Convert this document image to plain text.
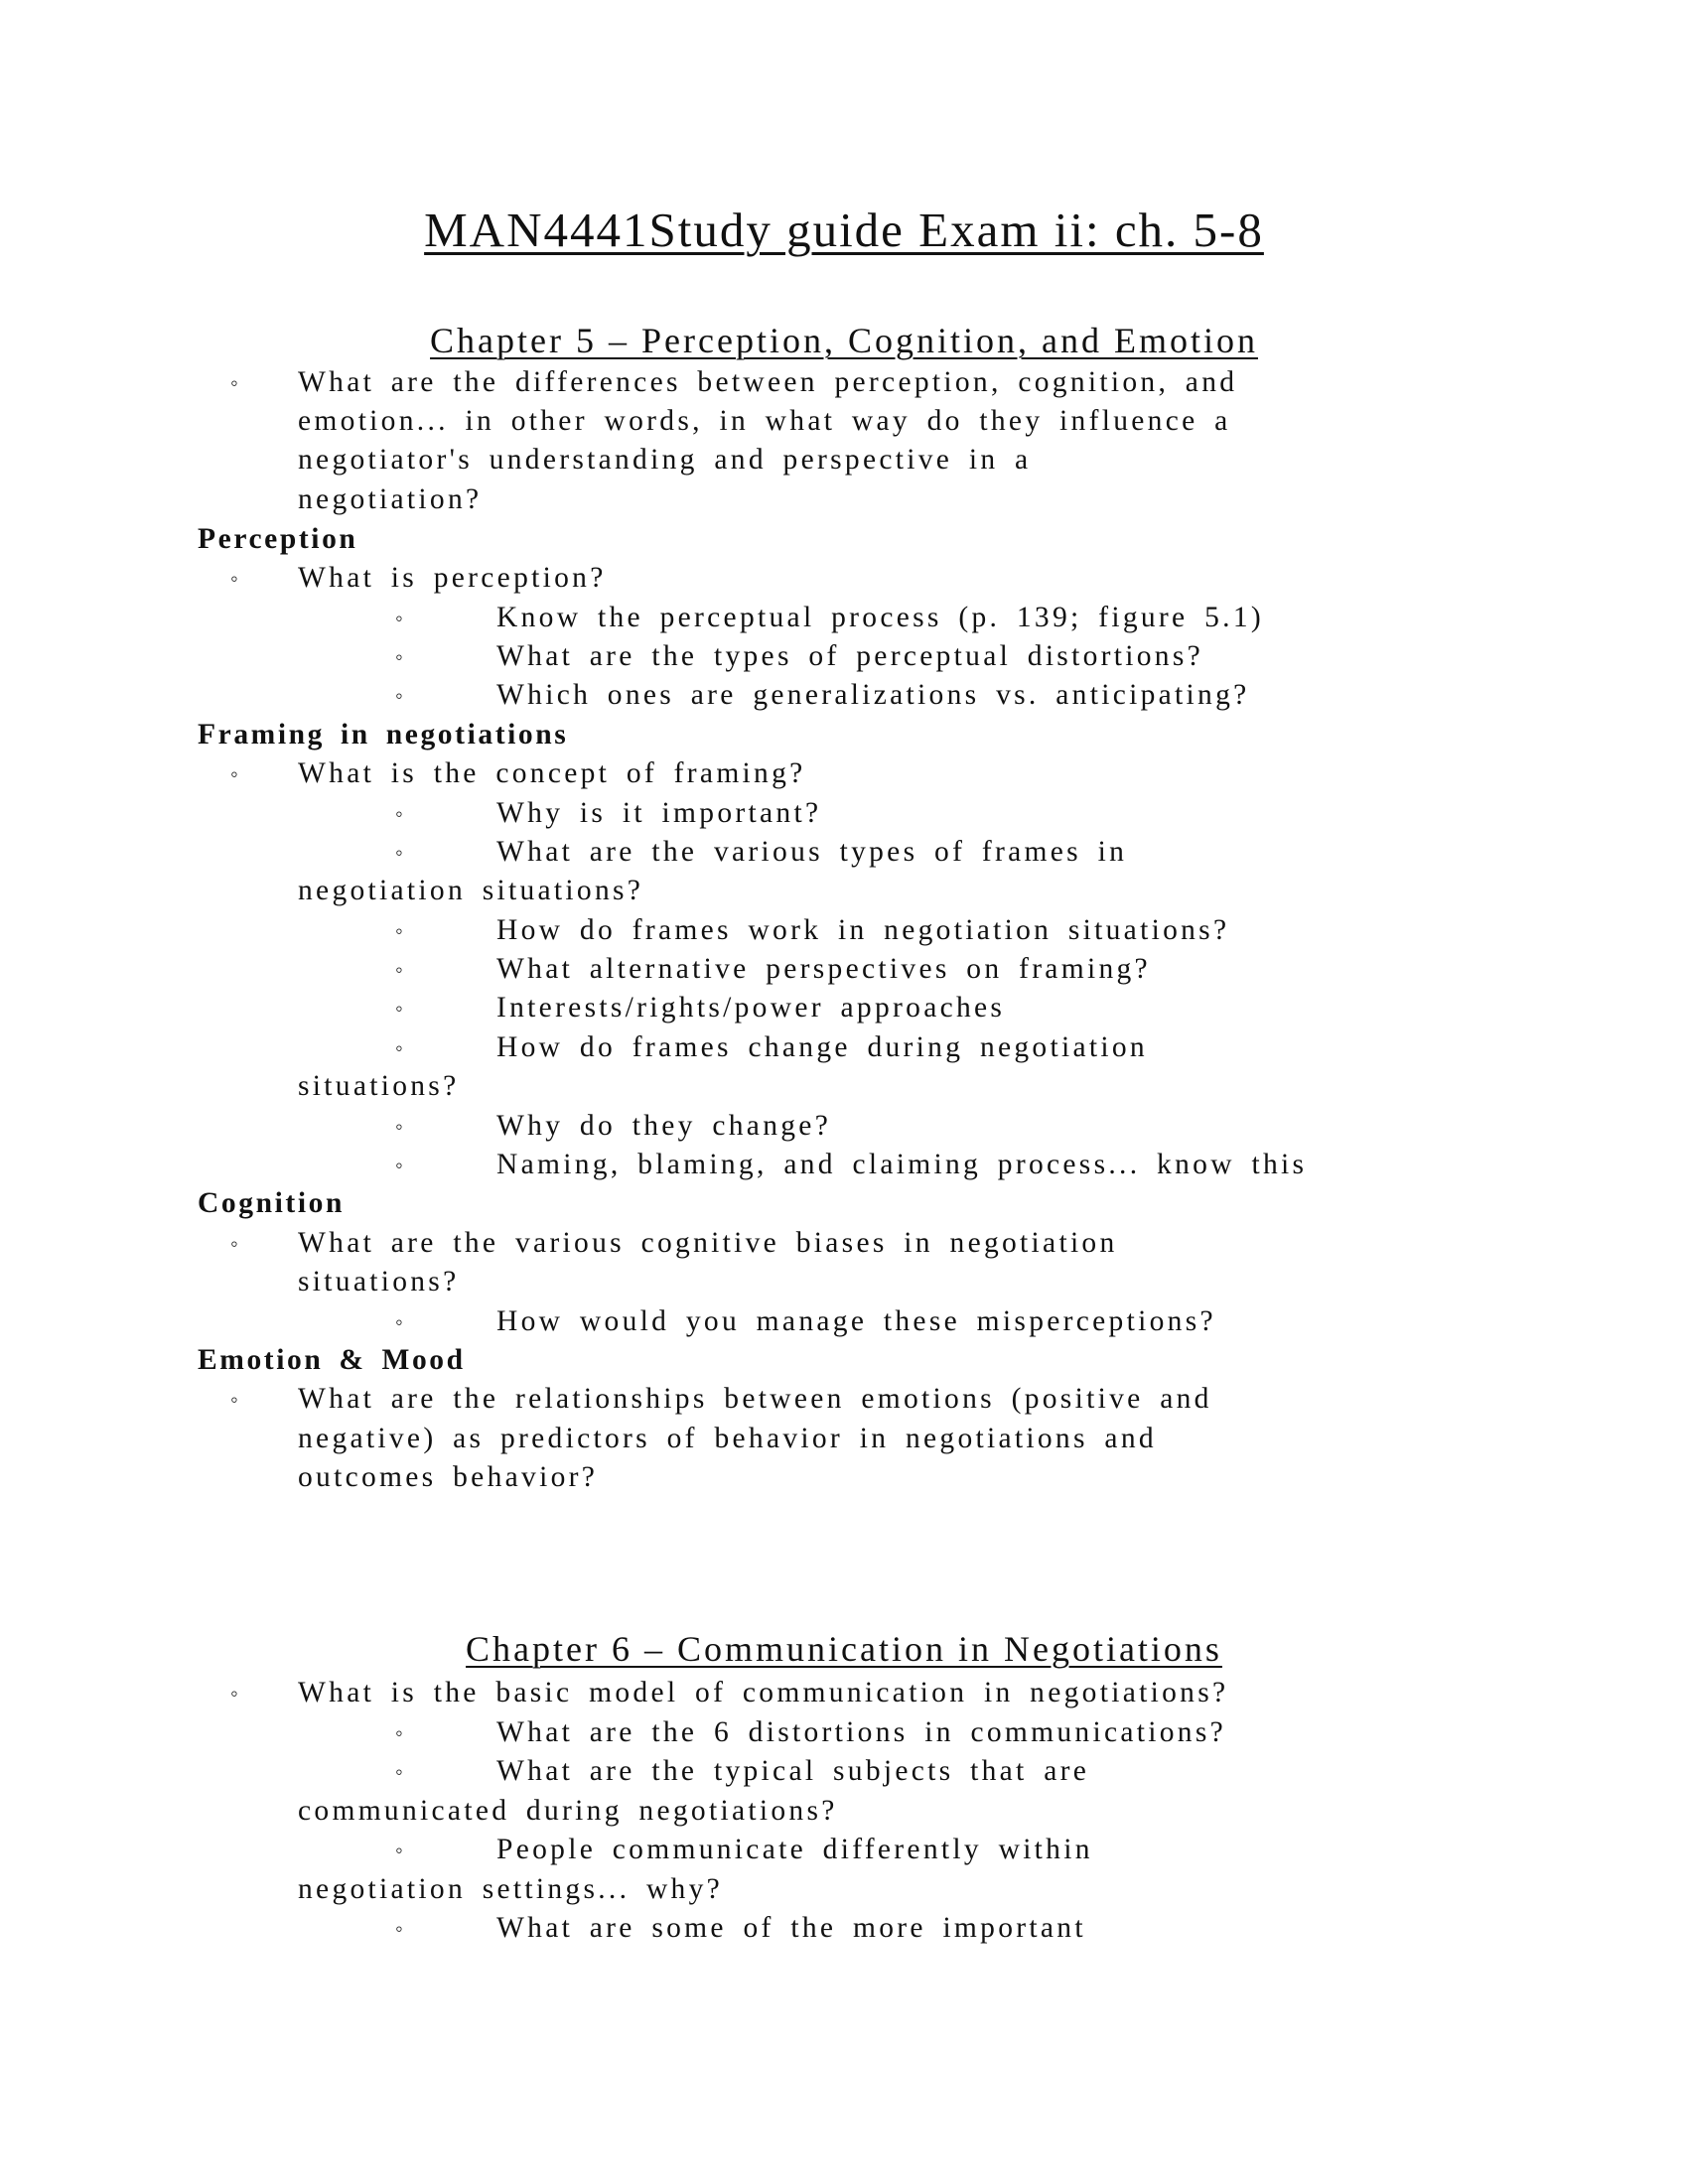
MAN4441Study guide Exam ii: ch. 5-8
Chapter 5 – Perception, Cognition, and Emotion
◦ What are the differences between perception, cognition, and
emotion... in other words, in what way do they influence a
negotiator's understanding and perspective in a
negotiation?
Perception
◦ What is perception?
◦	Know the perceptual process (p. 139; figure 5.1)
◦	What are the types of perceptual distortions?
◦	Which ones are generalizations vs. anticipating?
Framing in negotiations
◦ What is the concept of framing?
◦	Why is it important?
◦	What are the various types of frames in
negotiation situations?
◦	How do frames work in negotiation situations?
◦	What alternative perspectives on framing?
◦	Interests/rights/power approaches
◦	How do frames change during negotiation
situations?
◦	Why do they change?
◦	Naming, blaming, and claiming process... know this
Cognition
◦ What are the various cognitive biases in negotiation
situations?
◦	How would you manage these misperceptions?
Emotion & Mood
◦ What are the relationships between emotions (positive and
negative) as predictors of behavior in negotiations and
outcomes behavior?
Chapter 6 – Communication in Negotiations
◦ What is the basic model of communication in negotiations?
◦	What are the 6 distortions in communications?
◦	What are the typical subjects that are
communicated during negotiations?
◦	People communicate differently within
negotiation settings... why?
◦	What are some of the more important
